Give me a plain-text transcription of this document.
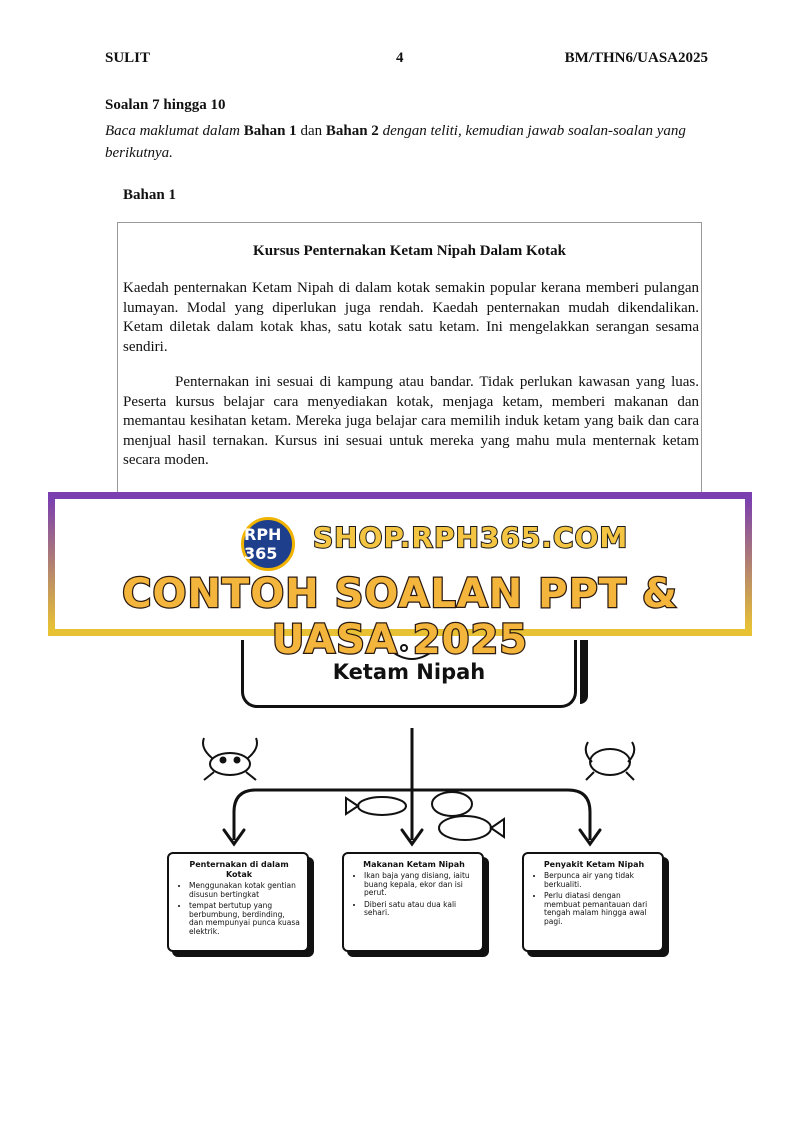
SULIT	4	BM/THN6/UASA2025
Soalan 7 hingga 10
Baca maklumat dalam Bahan 1 dan Bahan 2 dengan teliti, kemudian jawab soalan-soalan yang berikutnya.
Bahan 1
Kursus Penternakan Ketam Nipah Dalam Kotak

Kaedah penternakan Ketam Nipah di dalam kotak semakin popular kerana memberi pulangan lumayan. Modal yang diperlukan juga rendah. Kaedah penternakan mudah dikendalikan. Ketam diletak dalam kotak khas, satu kotak satu ketam. Ini mengelakkan serangan sesama sendiri.

Penternakan ini sesuai di kampung atau bandar. Tidak perlukan kawasan yang luas. Peserta kursus belajar cara menyediakan kotak, menjaga ketam, memberi makanan dan memantau kesihatan ketam. Mereka juga belajar cara memilih induk ketam yang baik dan cara menjual hasil ternakan. Kursus ini sesuai untuk mereka yang mahu mula menternak ketam secara moden.

Ketam Nipah
Penternakan di dalam Kotak
• Menggunakan kotak gentian disusun bertingkat
• tempat bertutup yang berbumbung, berdinding, dan mempunyai punca kuasa elektrik.
Makanan Ketam Nipah
• Ikan baja yang disiang, iaitu buang kepala, ekor dan isi perut.
• Diberi satu atau dua kali sehari.
Penyakit Ketam Nipah
• Berpunca air yang tidak berkualiti.
• Perlu diatasi dengan membuat pemantauan dari tengah malam hingga awal pagi.
RPH 365	SHOP.RPH365.COM
CONTOH SOALAN PPT & UASA 2025
